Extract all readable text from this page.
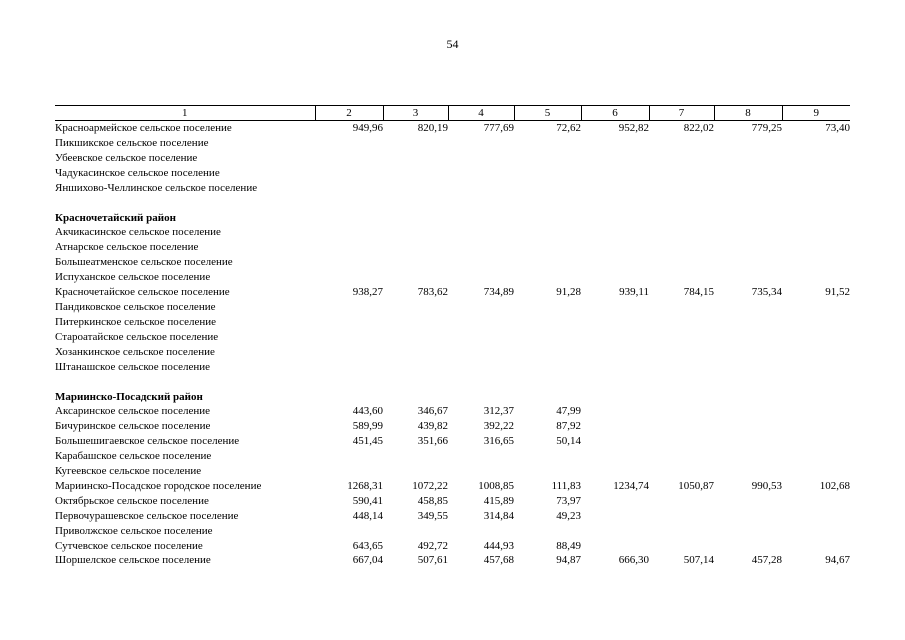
54
1	2	3	4	5	6	7	8	9
Красноармейское сельское поселение	949,96	820,19	777,69	72,62	952,82	822,02	779,25	73,40
Пикшикское сельское поселение								
Убеевское сельское поселение								
Чадукасинское сельское поселение								
Яншихово-Челлинское сельское поселение								

Красночетайский район								
Акчикасинское сельское поселение								
Атнарское сельское поселение								
Большеатменское сельское поселение								
Испуханское сельское поселение								
Красночетайское сельское поселение	938,27	783,62	734,89	91,28	939,11	784,15	735,34	91,52
Пандиковское сельское поселение								
Питеркинское сельское поселение								
Староатайское сельское поселение								
Хозанкинское сельское поселение								
Штанашское сельское поселение								

Мариинско-Посадский район								
Аксаринское сельское поселение	443,60	346,67	312,37	47,99				
Бичуринское сельское поселение	589,99	439,82	392,22	87,92				
Большешигаевское сельское поселение	451,45	351,66	316,65	50,14				
Карабашское сельское поселение								
Кугеевское сельское поселение								
Мариинско-Посадское городское поселение	1268,31	1072,22	1008,85	111,83	1234,74	1050,87	990,53	102,68
Октябрьское сельское поселение	590,41	458,85	415,89	73,97				
Первочурашевское сельское поселение	448,14	349,55	314,84	49,23				
Приволжское сельское поселение								
Сутчевское сельское поселение	643,65	492,72	444,93	88,49				
Шоршелское сельское поселение	667,04	507,61	457,68	94,87	666,30	507,14	457,28	94,67
